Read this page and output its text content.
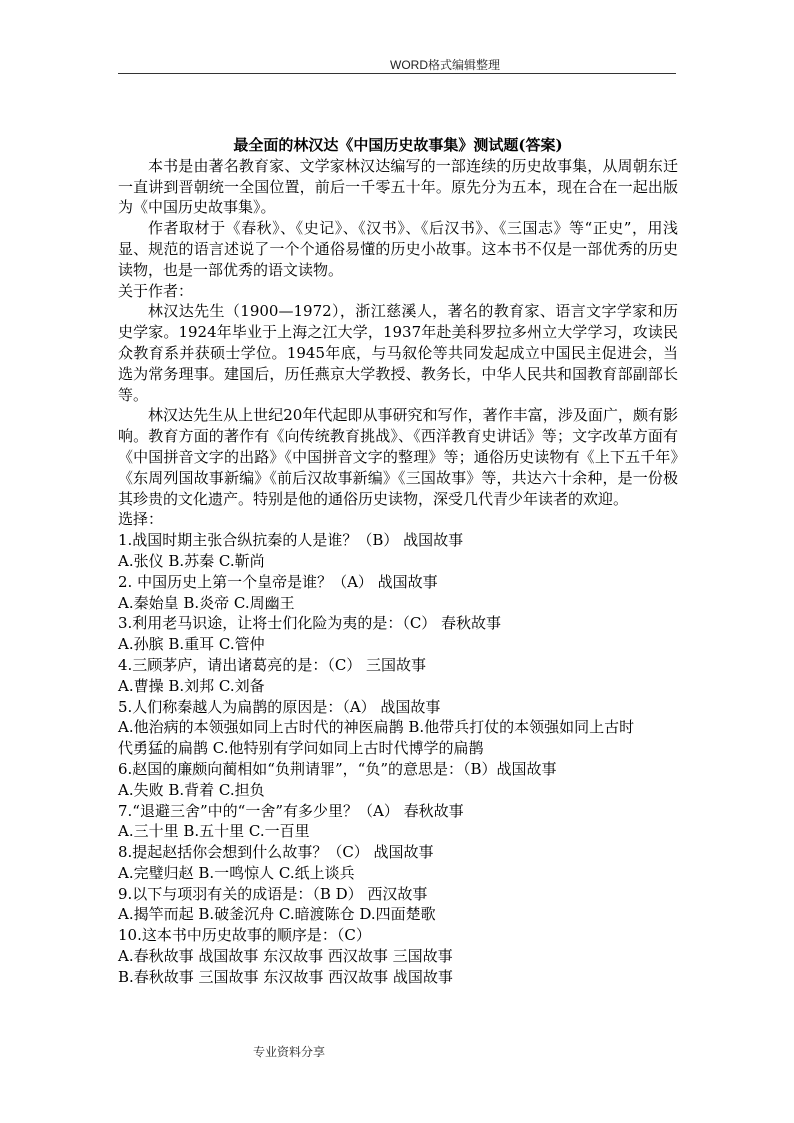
WORD格式编辑整理

最全面的林汉达《中国历史故事集》测试题(答案)

本书是由著名教育家、文学家林汉达编写的一部连续的历史故事集，从周朝东迁一直讲到晋朝统一全国位置，前后一千零五十年。原先分为五本，现在合在一起出版为《中国历史故事集》。

作者取材于《春秋》、《史记》、《汉书》、《后汉书》、《三国志》等“正史”，用浅显、规范的语言述说了一个个通俗易懂的历史小故事。这本书不仅是一部优秀的历史读物，也是一部优秀的语文读物。

关于作者：

林汉达先生（1900—1972），浙江慈溪人，著名的教育家、语言文字学家和历史学家。1924年毕业于上海之江大学，1937年赴美科罗拉多州立大学学习，攻读民众教育系并获硕士学位。1945年底，与马叙伦等共同发起成立中国民主促进会，当选为常务理事。建国后，历任燕京大学教授、教务长，中华人民共和国教育部副部长等。

林汉达先生从上世纪20年代起即从事研究和写作，著作丰富，涉及面广，颇有影响。教育方面的著作有《向传统教育挑战》、《西洋教育史讲话》等；文字改革方面有《中国拼音文字的出路》《中国拼音文字的整理》等；通俗历史读物有《上下五千年》《东周列国故事新编》《前后汉故事新编》《三国故事》等，共达六十余种，是一份极其珍贵的文化遗产。特别是他的通俗历史读物，深受几代青少年读者的欢迎。

选择：

1.战国时期主张合纵抗秦的人是谁？（B） 战国故事

A.张仪 B.苏秦 C.靳尚

2. 中国历史上第一个皇帝是谁？（A） 战国故事

A.秦始皇 B.炎帝 C.周幽王

3.利用老马识途，让将士们化险为夷的是：（C） 春秋故事

A.孙膑 B.重耳 C.管仲

4.三顾茅庐，请出诸葛亮的是：（C） 三国故事

A.曹操 B.刘邦 C.刘备

5.人们称秦越人为扁鹊的原因是：（A） 战国故事

A.他治病的本领强如同上古时代的神医扁鹊 B.他带兵打仗的本领强如同上古时

代勇猛的扁鹊 C.他特别有学问如同上古时代博学的扁鹊

6.赵国的廉颇向蔺相如“负荆请罪”，“负”的意思是：（B）战国故事

A.失败 B.背着 C.担负

7.“退避三舍”中的“一舍”有多少里？（A） 春秋故事

A.三十里 B.五十里 C.一百里

8.提起赵括你会想到什么故事？（C） 战国故事

A.完璧归赵 B.一鸣惊人 C.纸上谈兵

9.以下与项羽有关的成语是：（B D） 西汉故事

A.揭竿而起 B.破釜沉舟 C.暗渡陈仓 D.四面楚歌

10.这本书中历史故事的顺序是：（C）

A.春秋故事 战国故事 东汉故事 西汉故事 三国故事

B.春秋故事 三国故事 东汉故事 西汉故事 战国故事

专业资料分享
